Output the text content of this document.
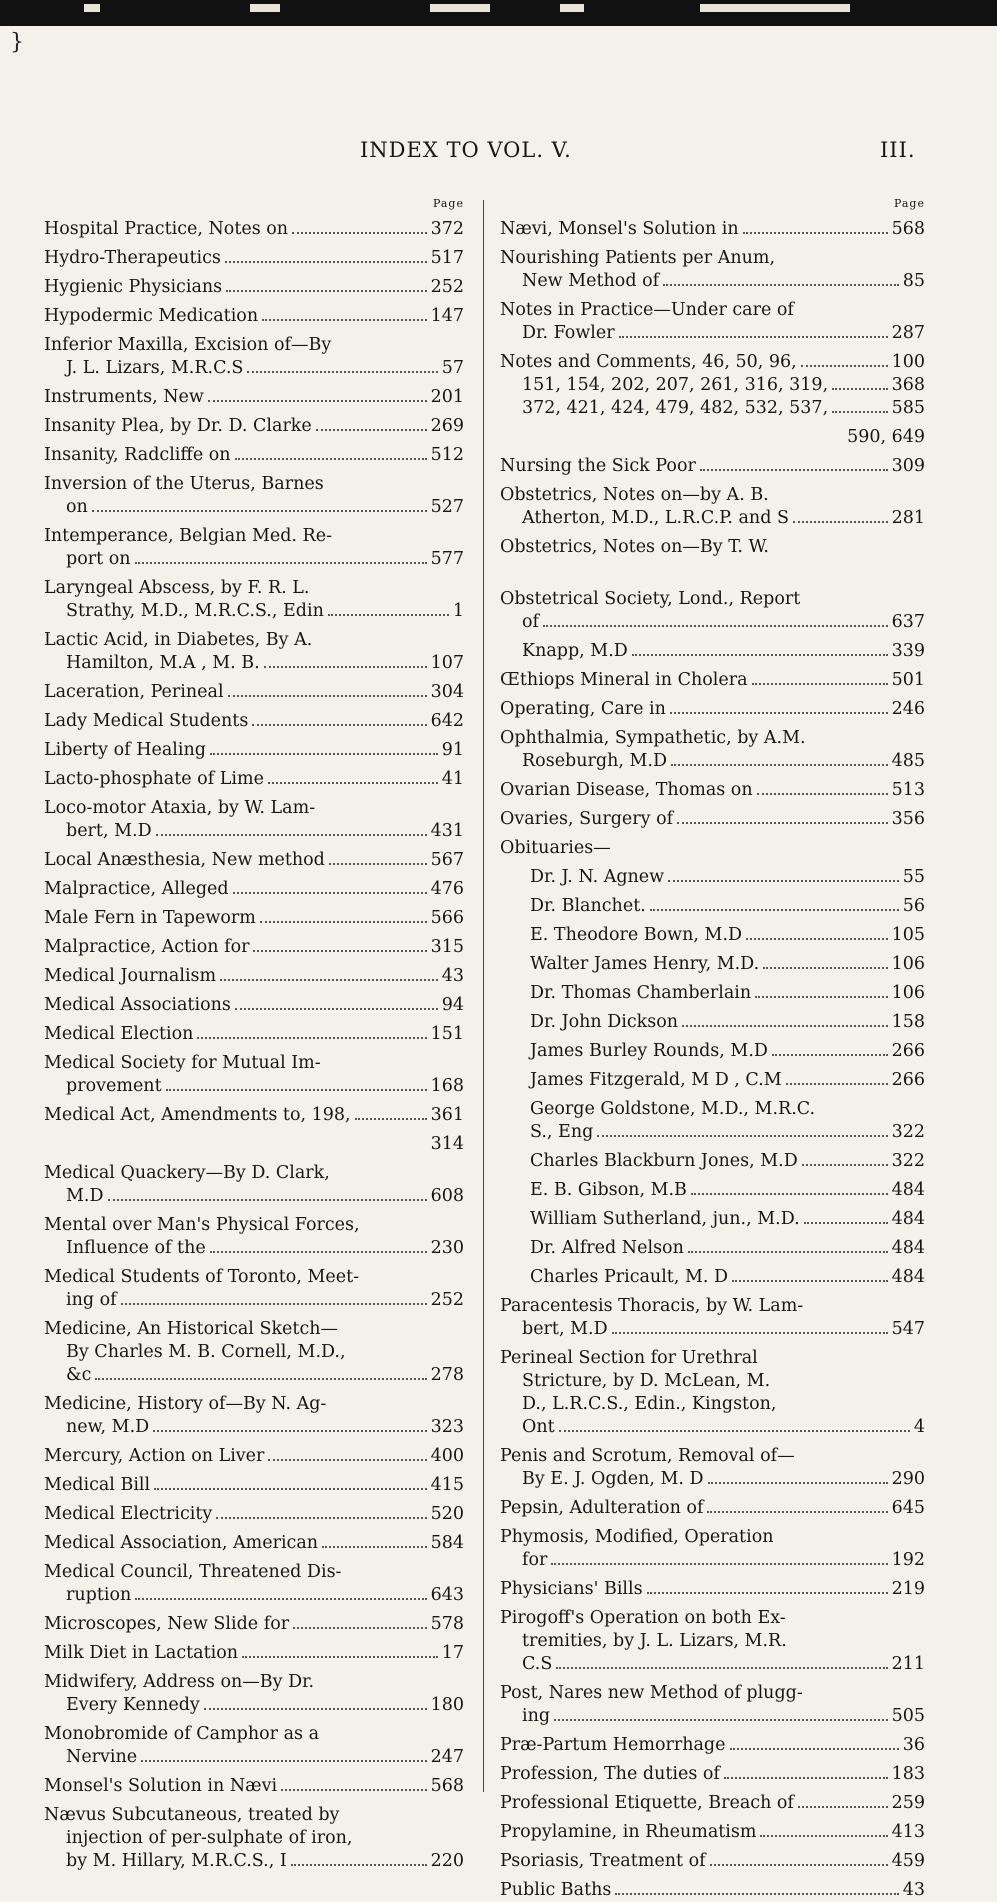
}
INDEX TO VOL. V.	III.
Page
Hospital Practice, Notes on	372
Hydro-Therapeutics	517
Hygienic Physicians	252
Hypodermic Medication	147
Inferior Maxilla, Excision of—By
J. L. Lizars, M.R.C.S	57
Instruments, New	201
Insanity Plea, by Dr. D. Clarke	269
Insanity, Radcliffe on	512
Inversion of the Uterus, Barnes
on	527
Intemperance, Belgian Med. Re-
port on	577
Laryngeal Abscess, by F. R. L.
Strathy, M.D., M.R.C.S., Edin	1
Lactic Acid, in Diabetes, By A.
Hamilton, M.A , M. B.	107
Laceration, Perineal	304
Lady Medical Students	642
Liberty of Healing	91
Lacto-phosphate of Lime	41
Loco-motor Ataxia, by W. Lam-
bert, M.D	431
Local Anæsthesia, New method	567
Malpractice, Alleged	476
Male Fern in Tapeworm	566
Malpractice, Action for	315
Medical Journalism	43
Medical Associations	94
Medical Election	151
Medical Society for Mutual Im-
provement	168
Medical Act, Amendments to, 198,	361
314
Medical Quackery—By D. Clark,
M.D	608
Mental over Man's Physical Forces,
Influence of the	230
Medical Students of Toronto, Meet-
ing of	252
Medicine, An Historical Sketch—
By Charles M. B. Cornell, M.D.,
&c	278
Medicine, History of—By N. Ag-
new, M.D	323
Mercury, Action on Liver	400
Medical Bill	415
Medical Electricity	520
Medical Association, American	584
Medical Council, Threatened Dis-
ruption	643
Microscopes, New Slide for	578
Milk Diet in Lactation	17
Midwifery, Address on—By Dr.
Every Kennedy	180
Monobromide of Camphor as a
Nervine	247
Monsel's Solution in Nævi	568
Nævus Subcutaneous, treated by
injection of per-sulphate of iron,
by M. Hillary, M.R.C.S., I	220
Page
Nævi, Monsel's Solution in	568
Nourishing Patients per Anum,
New Method of	85
Notes in Practice—Under care of
Dr. Fowler	287
Notes and Comments, 46, 50, 96,	100
151, 154, 202, 207, 261, 316, 319,	368
372, 421, 424, 479, 482, 532, 537,	585
590, 649
Nursing the Sick Poor	309
Obstetrics, Notes on—by A. B.
Atherton, M.D., L.R.C.P. and S	281
Obstetrics, Notes on—By T. W.
Obstetrical Society, Lond., Report
of	637
Knapp, M.D	339
Œthiops Mineral in Cholera	501
Operating, Care in	246
Ophthalmia, Sympathetic, by A.M.
Roseburgh, M.D	485
Ovarian Disease, Thomas on	513
Ovaries, Surgery of	356
Obituaries—
Dr. J. N. Agnew	55
Dr. Blanchet.	56
E. Theodore Bown, M.D	105
Walter James Henry, M.D.	106
Dr. Thomas Chamberlain	106
Dr. John Dickson	158
James Burley Rounds, M.D	266
James Fitzgerald, M D , C.M	266
George Goldstone, M.D., M.R.C.
S., Eng	322
Charles Blackburn Jones, M.D	322
E. B. Gibson, M.B	484
William Sutherland, jun., M.D.	484
Dr. Alfred Nelson	484
Charles Pricault, M. D	484
Paracentesis Thoracis, by W. Lam-
bert, M.D	547
Perineal Section for Urethral
Stricture, by D. McLean, M.
D., L.R.C.S., Edin., Kingston,
Ont	4
Penis and Scrotum, Removal of—
By E. J. Ogden, M. D	290
Pepsin, Adulteration of	645
Phymosis, Modified, Operation
for	192
Physicians' Bills	219
Pirogoff's Operation on both Ex-
tremities, by J. L. Lizars, M.R.
C.S	211
Post, Nares new Method of plugg-
ing	505
Præ-Partum Hemorrhage	36
Profession, The duties of	183
Professional Etiquette, Breach of	259
Propylamine, in Rheumatism	413
Psoriasis, Treatment of	459
Public Baths	43
